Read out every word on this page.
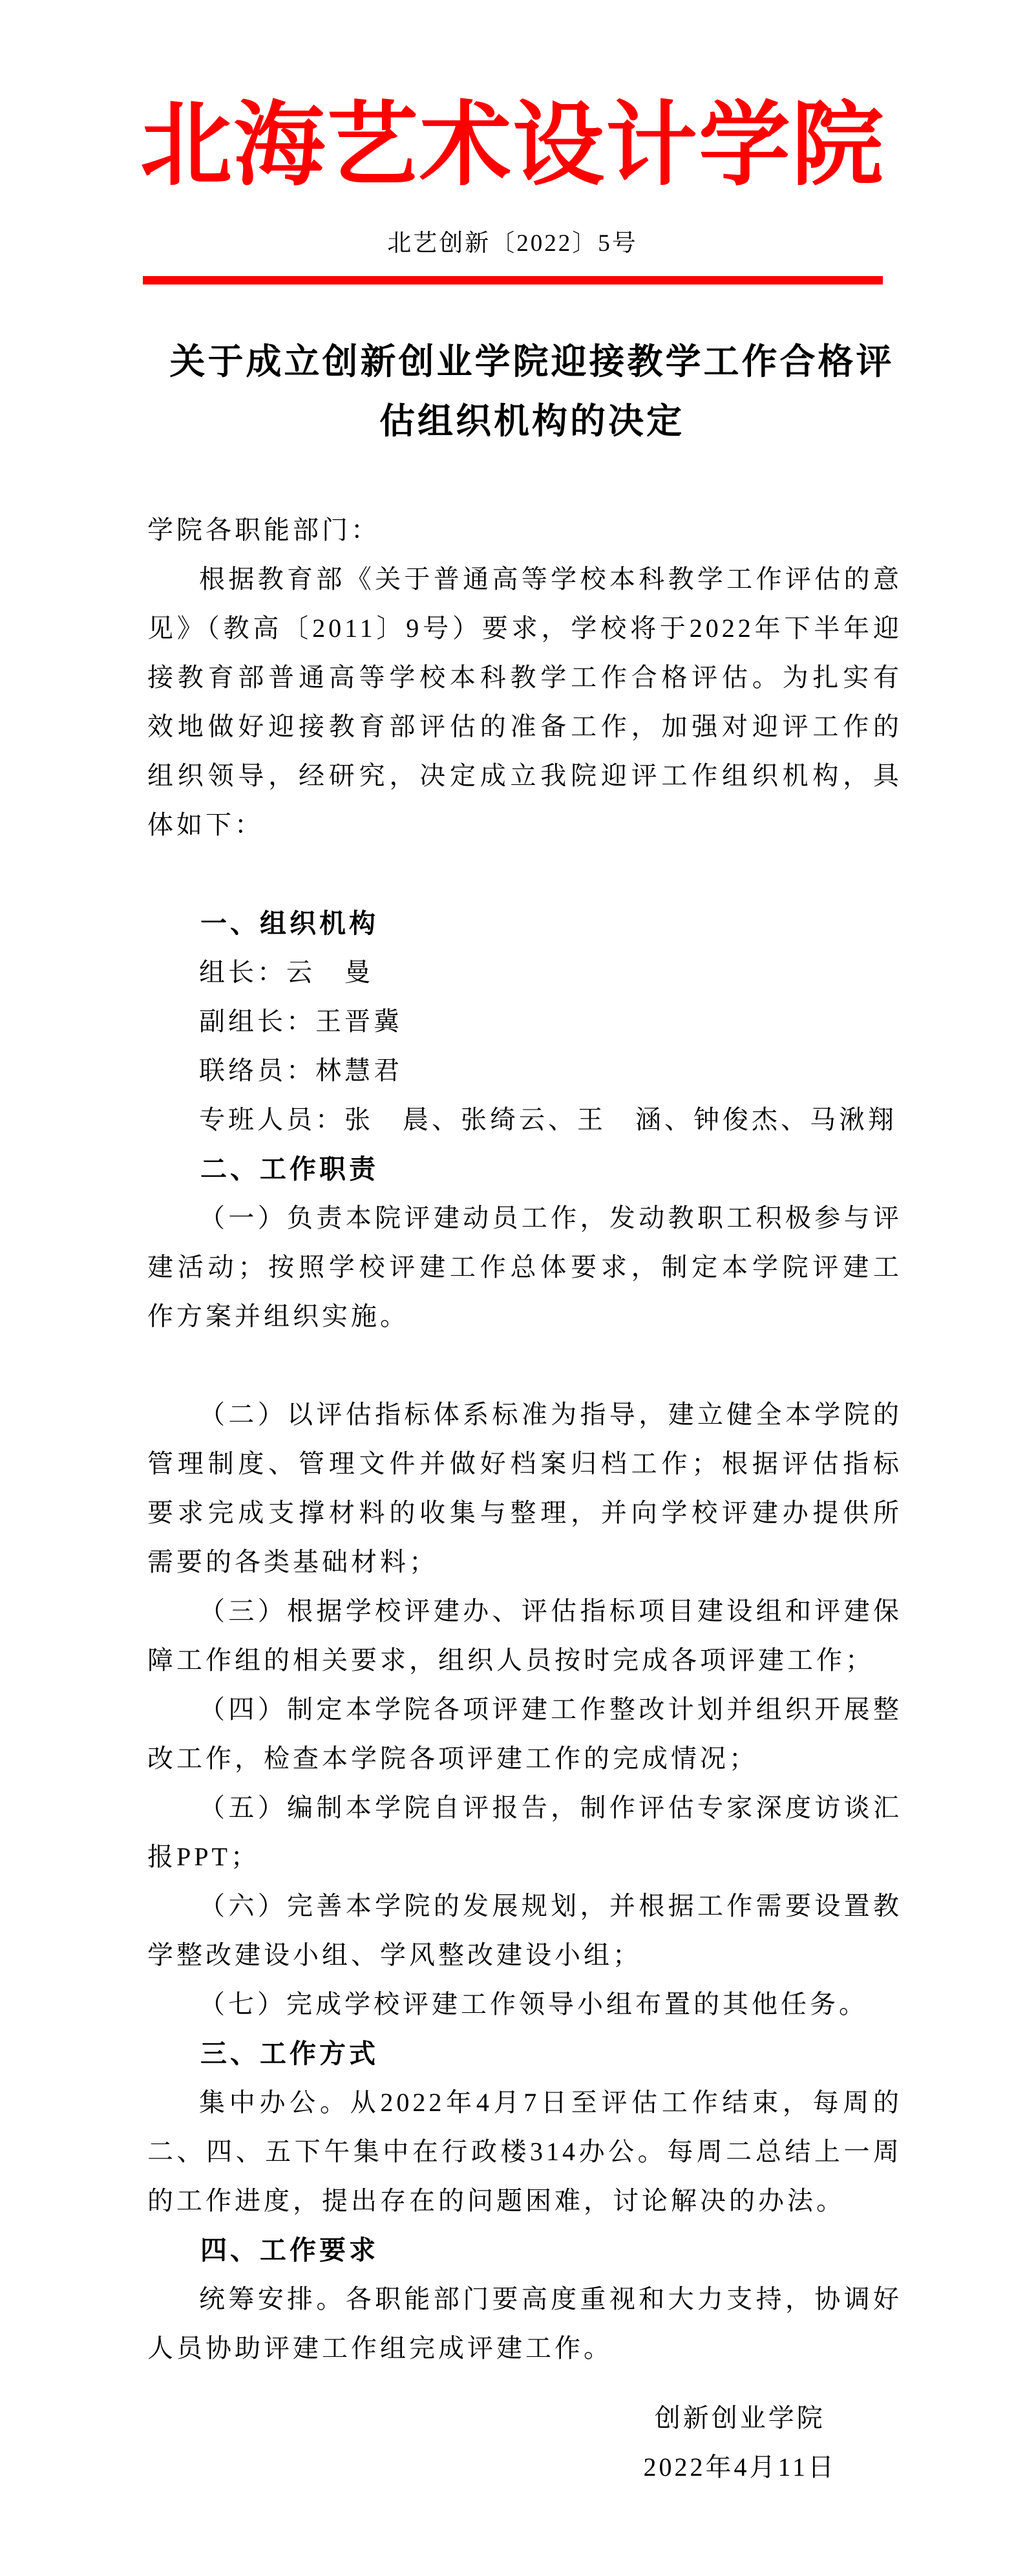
北海艺术设计学院
北艺创新〔2022〕5号
关于成立创新创业学院迎接教学工作合格评
估组织机构的决定

学院各职能部门：

根据教育部《关于普通高等学校本科教学工作评估的意见》（教高〔2011〕9号）要求，学校将于2022年下半年迎接教育部普通高等学校本科教学工作合格评估。为扎实有效地做好迎接教育部评估的准备工作，加强对迎评工作的组织领导，经研究，决定成立我院迎评工作组织机构，具体如下：

一、组织机构

组长：云　曼

副组长：王晋冀

联络员：林慧君

专班人员：张　晨、张绮云、王　涵、钟俊杰、马湫翔

二、工作职责

（一）负责本院评建动员工作，发动教职工积极参与评建活动；按照学校评建工作总体要求，制定本学院评建工作方案并组织实施。

（二）以评估指标体系标准为指导，建立健全本学院的管理制度、管理文件并做好档案归档工作；根据评估指标要求完成支撑材料的收集与整理，并向学校评建办提供所需要的各类基础材料；

（三）根据学校评建办、评估指标项目建设组和评建保障工作组的相关要求，组织人员按时完成各项评建工作；

（四）制定本学院各项评建工作整改计划并组织开展整改工作，检查本学院各项评建工作的完成情况；

（五）编制本学院自评报告，制作评估专家深度访谈汇报PPT；

（六）完善本学院的发展规划，并根据工作需要设置教学整改建设小组、学风整改建设小组；

（七）完成学校评建工作领导小组布置的其他任务。

三、工作方式

集中办公。从2022年4月7日至评估工作结束，每周的二、四、五下午集中在行政楼314办公。每周二总结上一周的工作进度，提出存在的问题困难，讨论解决的办法。

四、工作要求

统筹安排。各职能部门要高度重视和大力支持，协调好人员协助评建工作组完成评建工作。

创新创业学院
2022年4月11日
